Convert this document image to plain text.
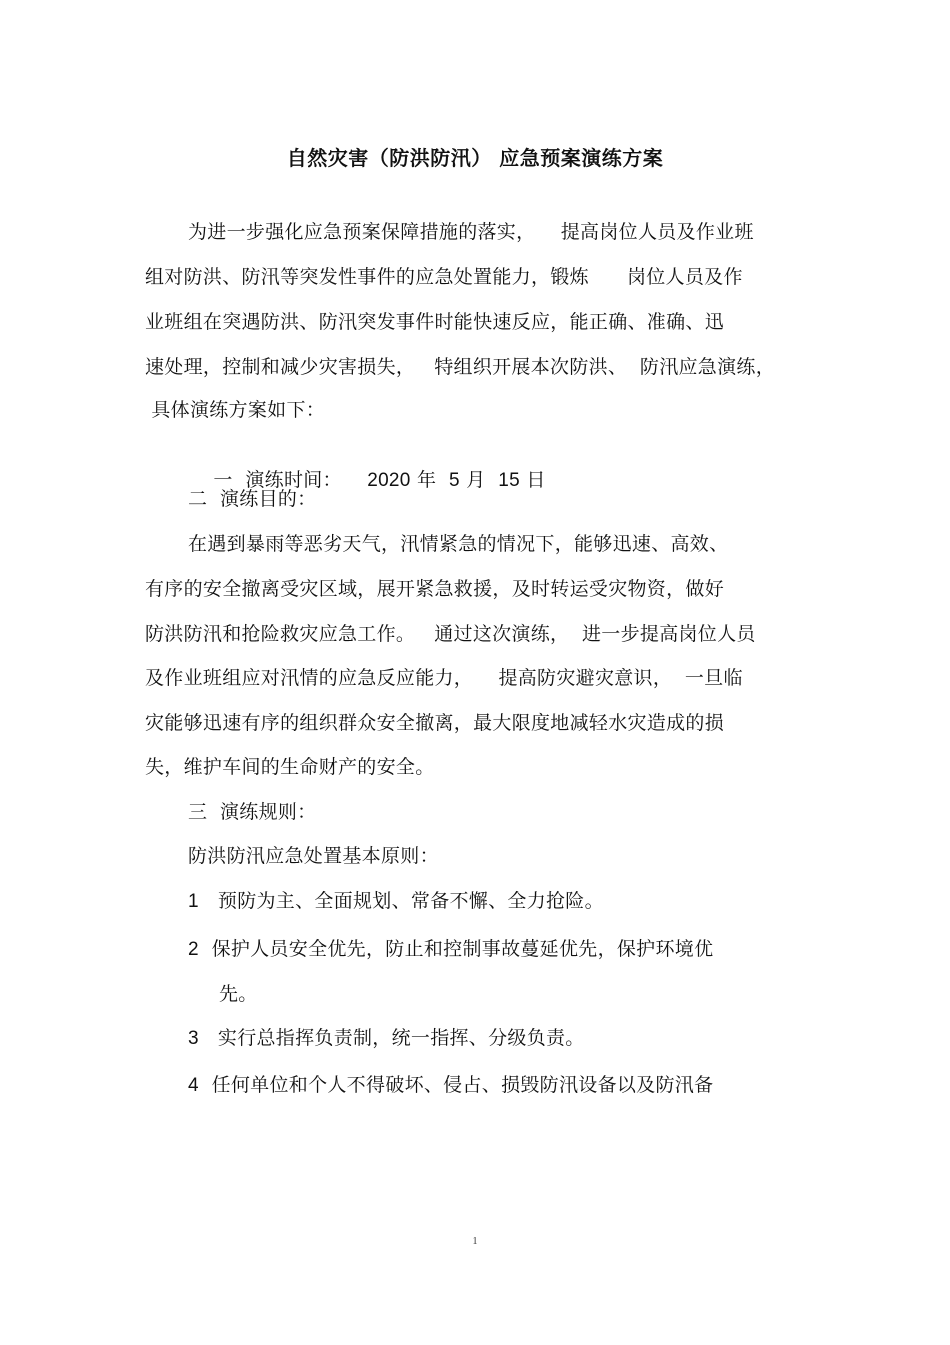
自然灾害（防洪防汛） 应急预案演练方案
为进一步强化应急预案保障措施的落实，    提高岗位人员及作业班
组对防洪、防汛等突发性事件的应急处置能力，锻炼      岗位人员及作
业班组在突遇防洪、防汛突发事件时能快速反应，能正确、准确、迅
速处理，控制和减少灾害损失，   特组织开展本次防洪、  防汛应急演练，
具体演练方案如下：

一  演练时间： 2020 年 5 月 15 日

二  演练目的：
在遇到暴雨等恶劣天气，汛情紧急的情况下，能够迅速、高效、
有序的安全撤离受灾区域，展开紧急救援，及时转运受灾物资，做好
防洪防汛和抢险救灾应急工作。   通过这次演练，  进一步提高岗位人员
及作业班组应对汛情的应急反应能力，    提高防灾避灾意识，  一旦临
灾能够迅速有序的组织群众安全撤离，最大限度地减轻水灾造成的损
失，维护车间的生命财产的安全。
三  演练规则：
防洪防汛应急处置基本原则：
1 预防为主、全面规划、常备不懈、全力抢险。
2 保护人员安全优先，防止和控制事故蔓延优先，保护环境优
先。
3 实行总指挥负责制，统一指挥、分级负责。
4 任何单位和个人不得破坏、侵占、损毁防汛设备以及防汛备
1
